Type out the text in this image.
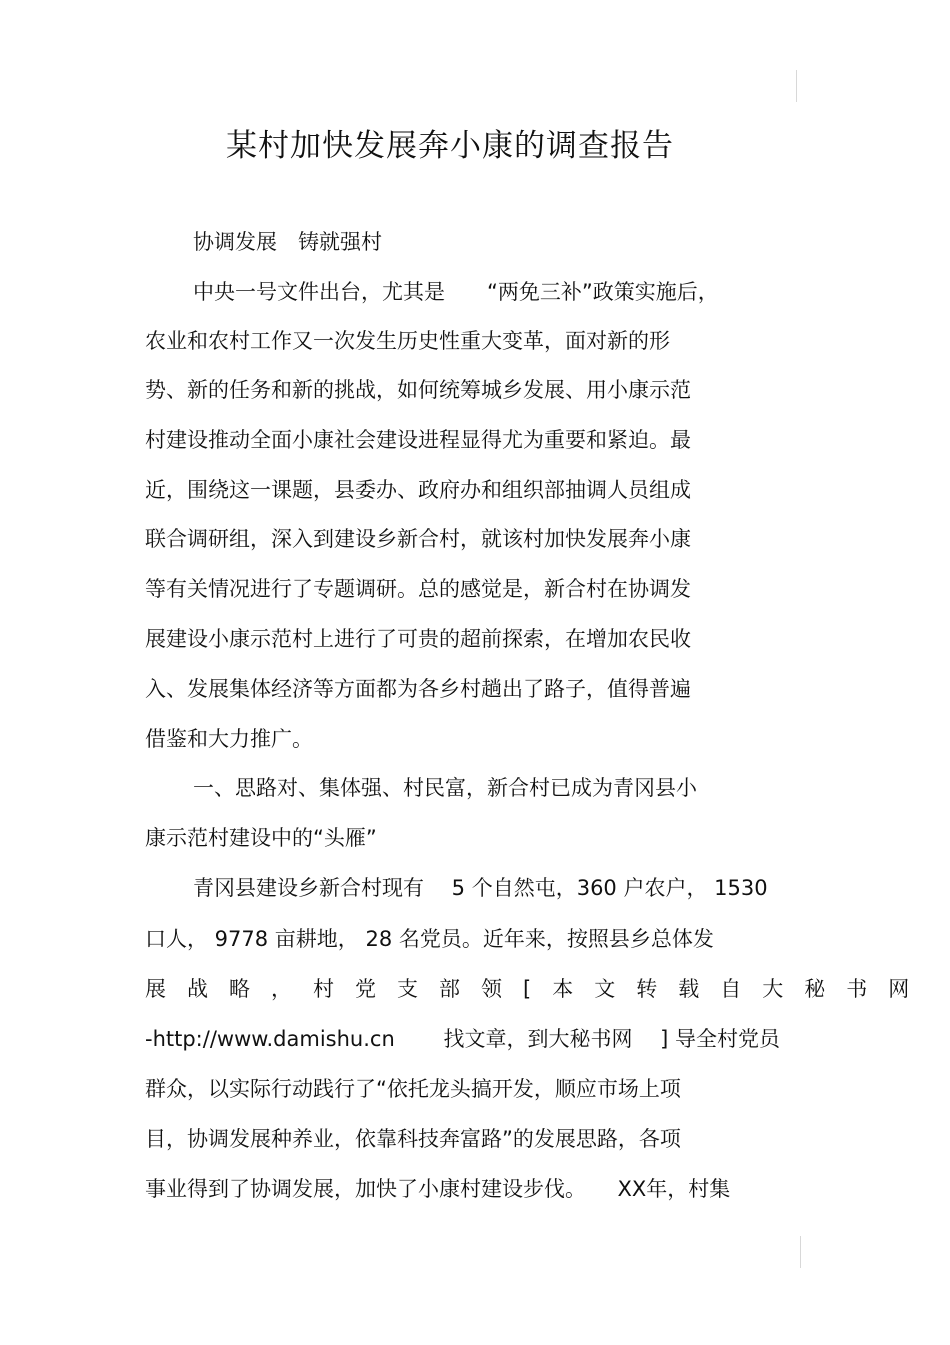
某村加快发展奔小康的调查报告
协调发展　铸就强村
中央一号文件出台，尤其是　　“两免三补”政策实施后，
农业和农村工作又一次发生历史性重大变革，面对新的形
势、新的任务和新的挑战，如何统筹城乡发展、用小康示范
村建设推动全面小康社会建设进程显得尤为重要和紧迫。最
近，围绕这一课题，县委办、政府办和组织部抽调人员组成
联合调研组，深入到建设乡新合村，就该村加快发展奔小康
等有关情况进行了专题调研。总的感觉是，新合村在协调发
展建设小康示范村上进行了可贵的超前探索，在增加农民收
入、发展集体经济等方面都为各乡村趟出了路子，值得普遍
借鉴和大力推广。
一、思路对、集体强、村民富，新合村已成为青冈县小
康示范村建设中的“头雁”
青冈县建设乡新合村现有　 5 个自然屯，360 户农户， 1530
口人， 9778 亩耕地， 28 名党员。近年来，按照县乡总体发
展战略，村党支部领[本文转载自大秘书网
-http://www.damishu.cn　　 找文章，到大秘书网　 ] 导全村党员
群众，以实际行动践行了“依托龙头搞开发，顺应市场上项
目，协调发展种养业，依靠科技奔富路”的发展思路，各项
事业得到了协调发展，加快了小康村建设步伐。　　XX年，村集
